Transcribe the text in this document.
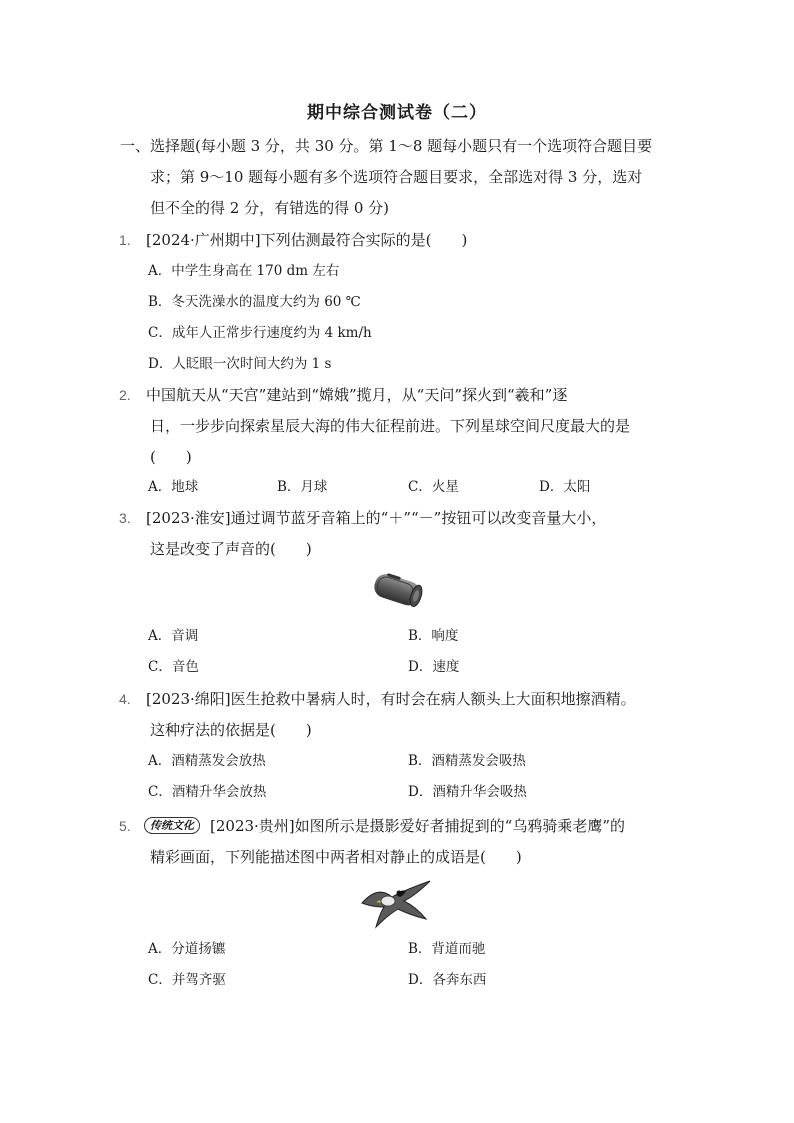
期中综合测试卷（二）
一、选择题(每小题 3 分，共 30 分。第 1～8 题每小题只有一个选项符合题目要
求；第 9～10 题每小题有多个选项符合题目要求，全部选对得 3 分，选对
但不全的得 2 分，有错选的得 0 分)
1. [2024·广州期中]下列估测最符合实际的是(　　)
A．中学生身高在 170 dm 左右
B．冬天洗澡水的温度大约为 60 ℃
C．成年人正常步行速度约为 4 km/h
D．人眨眼一次时间大约为 1 s
2. 中国航天从“天宫”建站到“嫦娥”揽月，从“天问”探火到“羲和”逐
日，一步步向探索星辰大海的伟大征程前进。下列星球空间尺度最大的是
(　　)
A．地球	B．月球	C．火星	D．太阳
3. [2023·淮安]通过调节蓝牙音箱上的“＋”“－”按钮可以改变音量大小，
这是改变了声音的(　　)
A．音调	B．响度
C．音色	D．速度
4. [2023·绵阳]医生抢救中暑病人时，有时会在病人额头上大面积地擦酒精。
这种疗法的依据是(　　)
A．酒精蒸发会放热	B．酒精蒸发会吸热
C．酒精升华会放热	D．酒精升华会吸热
5.	传统文化	[2023·贵州]如图所示是摄影爱好者捕捉到的“乌鸦骑乘老鹰”的
精彩画面，下列能描述图中两者相对静止的成语是(　　)
A．分道扬镳	B．背道而驰
C．并驾齐驱	D．各奔东西
